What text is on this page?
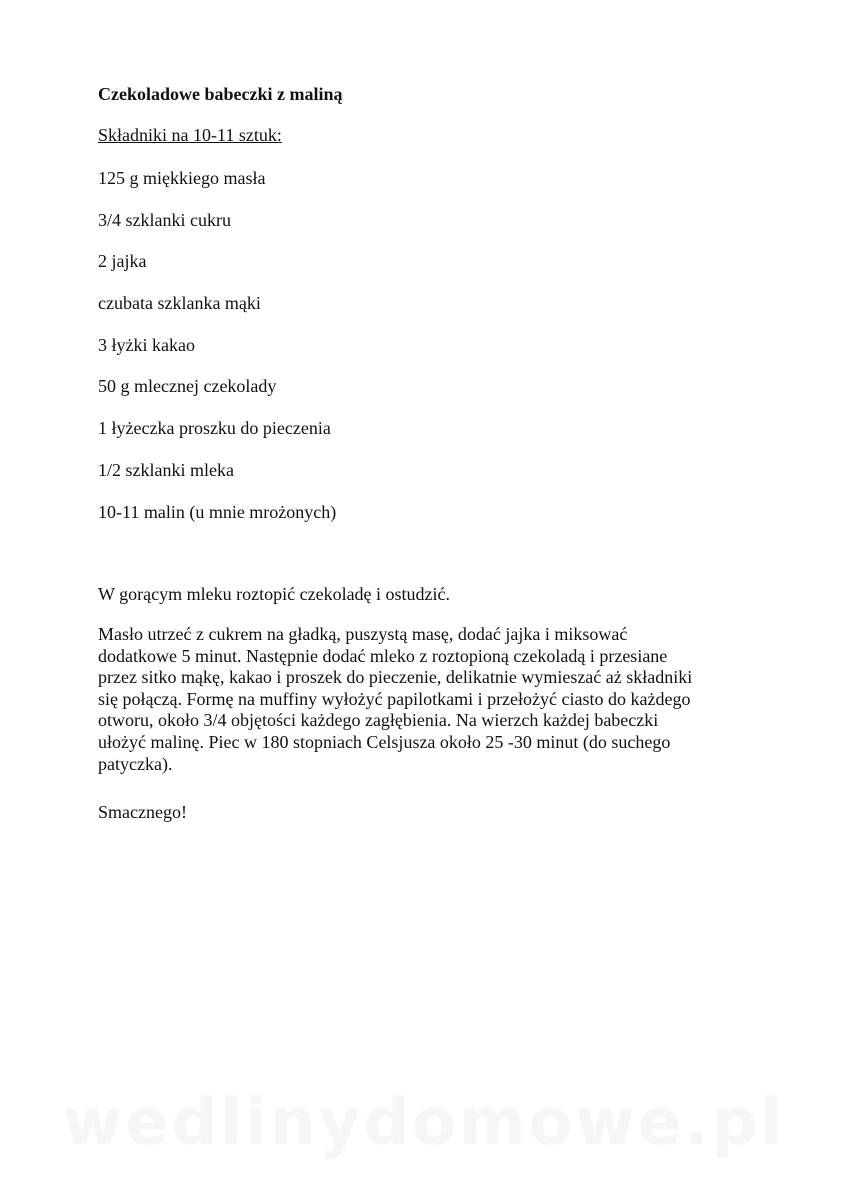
Czekoladowe babeczki z maliną

Składniki na 10-11 sztuk:

125 g miękkiego masła
3/4 szklanki cukru
2 jajka
czubata szklanka mąki
3 łyżki kakao
50 g mlecznej czekolady
1 łyżeczka proszku do pieczenia
1/2 szklanki mleka
10-11 malin (u mnie mrożonych)

W gorącym mleku roztopić czekoladę i ostudzić.

Masło utrzeć z cukrem na gładką, puszystą masę, dodać jajka i miksować
dodatkowe 5 minut. Następnie dodać mleko z roztopioną czekoladą i przesiane
przez sitko mąkę, kakao i proszek do pieczenie, delikatnie wymieszać aż składniki
się połączą. Formę na muffiny wyłożyć papilotkami i przełożyć ciasto do każdego
otworu, około 3/4 objętości każdego zagłębienia. Na wierzch każdej babeczki
ułożyć malinę. Piec w 180 stopniach Celsjusza około 25 -30 minut (do suchego
patyczka).

Smacznego!

wedlinydomowe.pl
